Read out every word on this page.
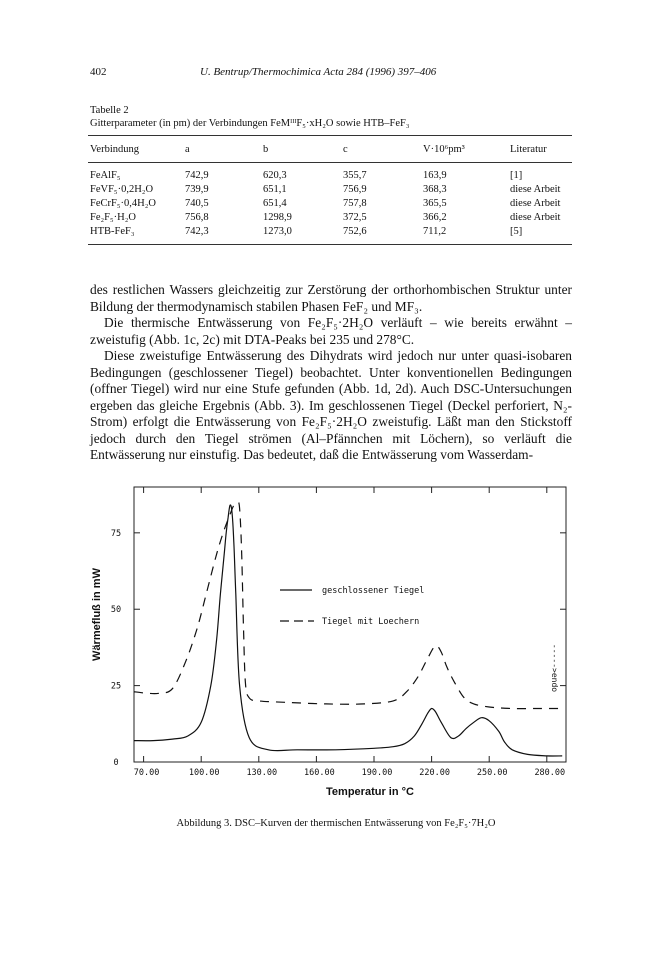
402	U. Bentrup/Thermochimica Acta 284 (1996) 397–406
Tabelle 2
Gitterparameter (in pm) der Verbindungen FeMᴵᴵᴵF₅·xH₂O sowie HTB–FeF₃
Verbindung	a	b	c	V·10⁶pm³	Literatur
FeAlF₅	742,9	620,3	355,7	163,9	[1]
FeVF₅·0,2H₂O	739,9	651,1	756,9	368,3	diese Arbeit
FeCrF₅·0,4H₂O	740,5	651,4	757,8	365,5	diese Arbeit
Fe₂F₅·H₂O	756,8	1298,9	372,5	366,2	diese Arbeit
HTB-FeF₃	742,3	1273,0	752,6	711,2	[5]

des restlichen Wassers gleichzeitig zur Zerstörung der orthorhombischen Struktur unter Bildung der thermodynamisch stabilen Phasen FeF₂ und MF₃.

Die thermische Entwässerung von Fe₂F₅·2H₂O verläuft – wie bereits erwähnt – zweistufig (Abb. 1c, 2c) mit DTA-Peaks bei 235 und 278°C.

Diese zweistufige Entwässerung des Dihydrats wird jedoch nur unter quasi-isobaren Bedingungen (geschlossener Tiegel) beobachtet. Unter konventionellen Bedingungen (offner Tiegel) wird nur eine Stufe gefunden (Abb. 1d, 2d). Auch DSC-Untersuchungen ergeben das gleiche Ergebnis (Abb. 3). Im geschlossenen Tiegel (Deckel perforiert, N₂-Strom) erfolgt die Entwässerung von Fe₂F₅·2H₂O zweistufig. Läßt man den Stickstoff jedoch durch den Tiegel strömen (Al–Pfännchen mit Löchern), so verläuft die Entwässerung nur einstufig. Das bedeutet, daß die Entwässerung vom Wasserdam-

70.00	100.00	130.00	160.00	190.00	220.00	250.00	280.00
0
25
50
75
Temperatur in °C
Wärmefluß in mW
----->endo
geschlossener Tiegel
Tiegel mit Loechern
Abbildung 3. DSC–Kurven der thermischen Entwässerung von Fe₂F₅·7H₂O
